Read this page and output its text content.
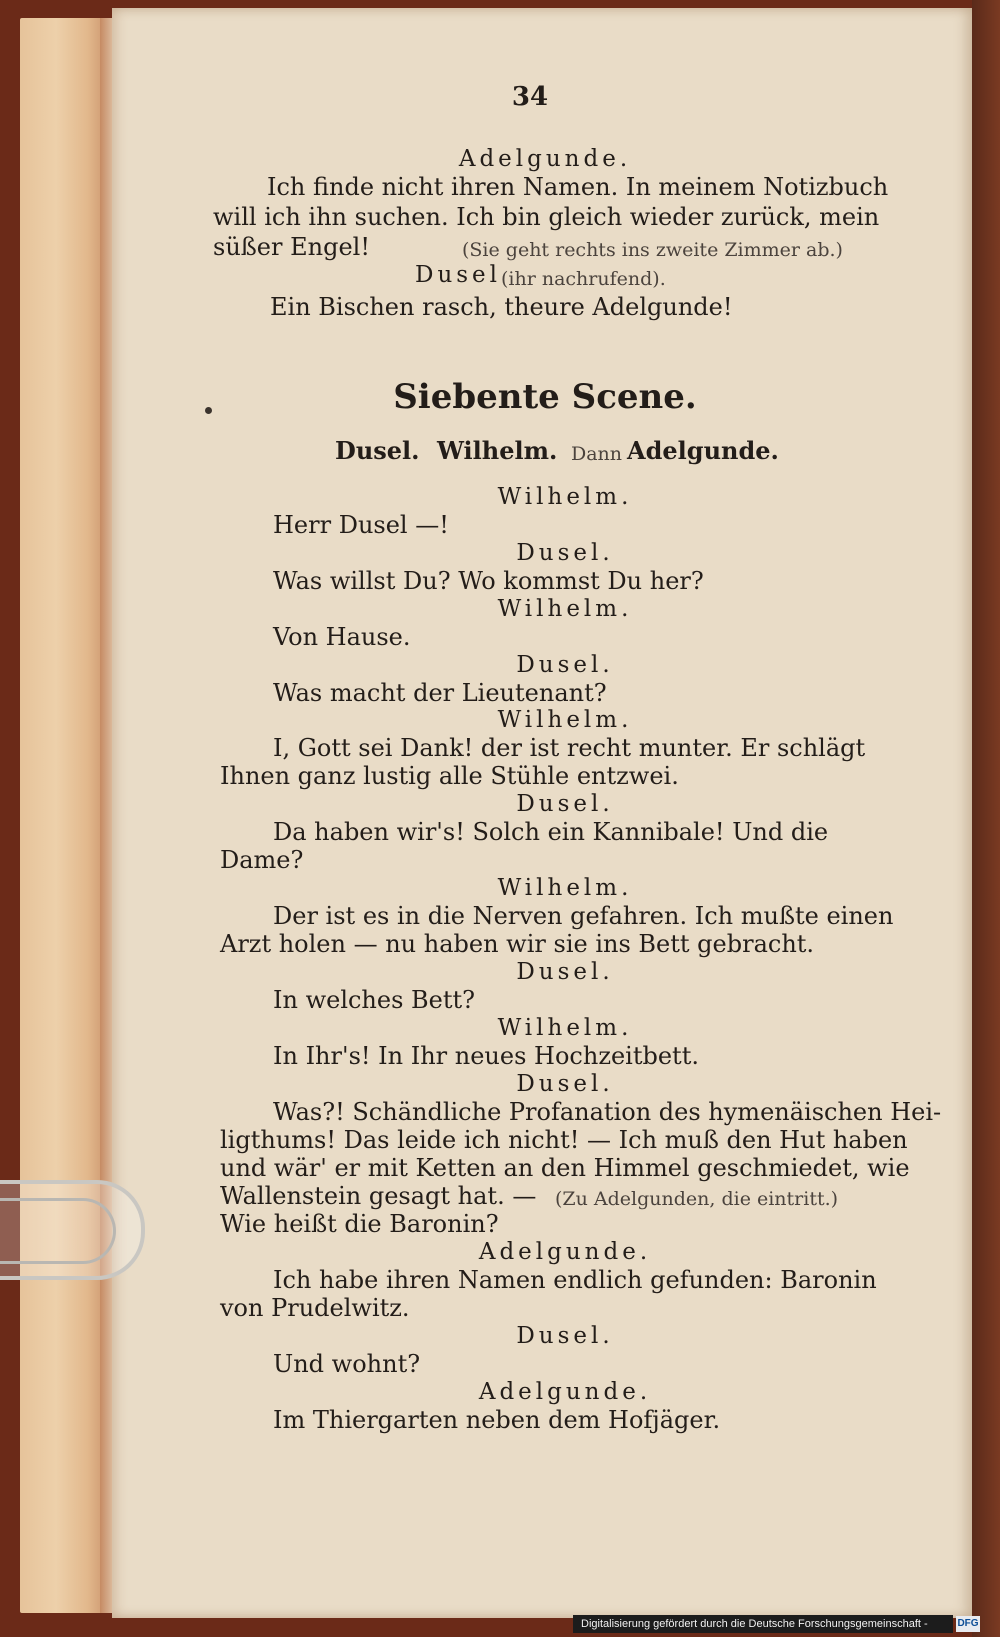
34
Adelgunde.
Ich finde nicht ihren Namen. In meinem Notizbuch
will ich ihn suchen. Ich bin gleich wieder zurück, mein
süßer Engel!	(Sie geht rechts ins zweite Zimmer ab.)
Dusel (ihr nachrufend).
Ein Bischen rasch, theure Adelgunde!
Siebente Scene.
Dusel. Wilhelm. Dann Adelgunde.
Wilhelm.
Herr Dusel —!
Dusel.
Was willst Du? Wo kommst Du her?
Wilhelm.
Von Hause.
Dusel.
Was macht der Lieutenant?
Wilhelm.
I, Gott sei Dank! der ist recht munter. Er schlägt
Ihnen ganz lustig alle Stühle entzwei.
Dusel.
Da haben wir's! Solch ein Kannibale! Und die
Dame?
Wilhelm.
Der ist es in die Nerven gefahren. Ich mußte einen
Arzt holen — nu haben wir sie ins Bett gebracht.
Dusel.
In welches Bett?
Wilhelm.
In Ihr's! In Ihr neues Hochzeitbett.
Dusel.
Was?! Schändliche Profanation des hymenäischen Hei-
ligthums! Das leide ich nicht! — Ich muß den Hut haben
und wär' er mit Ketten an den Himmel geschmiedet, wie
Wallenstein gesagt hat. — (Zu Adelgunden, die eintritt.)
Wie heißt die Baronin?
Adelgunde.
Ich habe ihren Namen endlich gefunden: Baronin
von Prudelwitz.
Dusel.
Und wohnt?
Adelgunde.
Im Thiergarten neben dem Hofjäger.
Digitalisierung gefördert durch die Deutsche Forschungsgemeinschaft -	DFG
